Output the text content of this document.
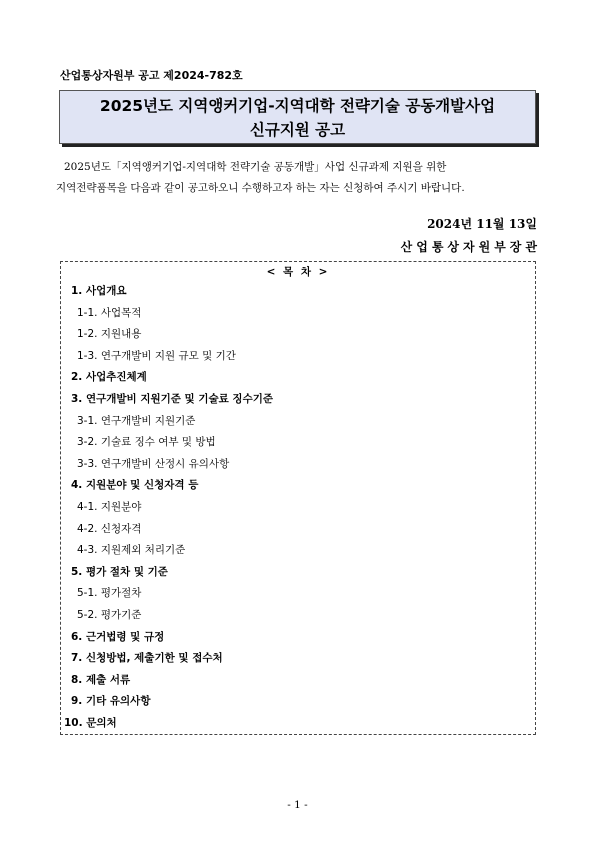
산업통상자원부 공고 제2024-782호
2025년도 지역앵커기업-지역대학 전략기술 공동개발사업
신규지원 공고

2025년도「지역앵커기업-지역대학 전략기술 공동개발」사업 신규과제 지원을 위한

지역전략품목을 다음과 같이 공고하오니 수행하고자 하는 자는 신청하여 주시기 바랍니다.
2024년 11월 13일
산업통상자원부장관
< 목 차 >
1. 사업개요
1-1. 사업목적
1-2. 지원내용
1-3. 연구개발비 지원 규모 및 기간
2. 사업추진체계
3. 연구개발비 지원기준 및 기술료 징수기준
3-1. 연구개발비 지원기준
3-2. 기술료 징수 여부 및 방법
3-3. 연구개발비 산정시 유의사항
4. 지원분야 및 신청자격 등
4-1. 지원분야
4-2. 신청자격
4-3. 지원제외 처리기준
5. 평가 절차 및 기준
5-1. 평가절차
5-2. 평가기준
6. 근거법령 및 규정
7. 신청방법, 제출기한 및 접수처
8. 제출 서류
9. 기타 유의사항
10. 문의처
- 1 -
